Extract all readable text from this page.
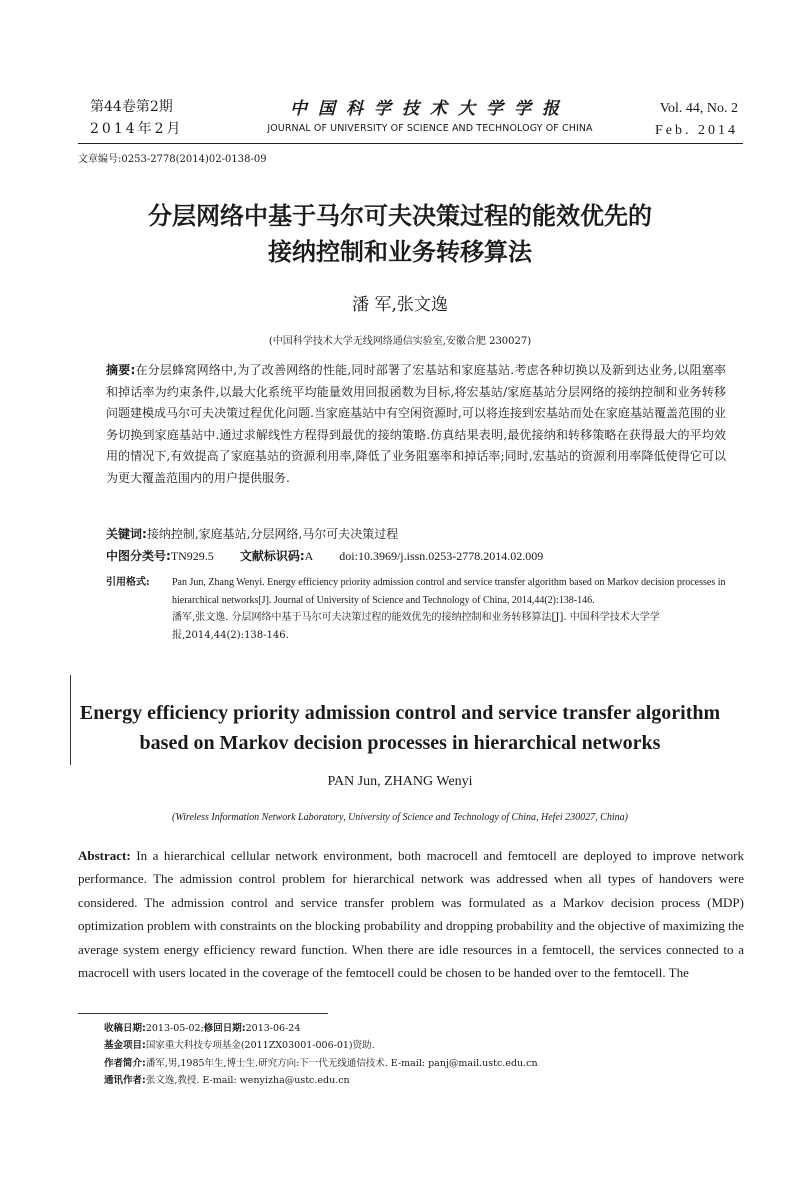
第44卷第2期
2014年2月
中国科学技术大学学报
JOURNAL OF UNIVERSITY OF SCIENCE AND TECHNOLOGY OF CHINA
Vol. 44, No. 2
Feb. 2014
文章编号:0253-2778(2014)02-0138-09
分层网络中基于马尔可夫决策过程的能效优先的
接纳控制和业务转移算法
潘 军,张文逸
(中国科学技术大学无线网络通信实验室,安徽合肥 230027)
摘要:在分层蜂窝网络中,为了改善网络的性能,同时部署了宏基站和家庭基站.考虑各种切换以及新到达业务,以阻塞率和掉话率为约束条件,以最大化系统平均能量效用回报函数为目标,将宏基站/家庭基站分层网络的接纳控制和业务转移问题建模成马尔可夫决策过程优化问题.当家庭基站中有空闲资源时,可以将连接到宏基站而处在家庭基站覆盖范围的业务切换到家庭基站中.通过求解线性方程得到最优的接纳策略.仿真结果表明,最优接纳和转移策略在获得最大的平均效用的情况下,有效提高了家庭基站的资源利用率,降低了业务阻塞率和掉话率;同时,宏基站的资源利用率降低使得它可以为更大覆盖范围内的用户提供服务.
关键词:接纳控制,家庭基站,分层网络,马尔可夫决策过程
中图分类号:TN929.5 文献标识码:A doi:10.3969/j.issn.0253-2778.2014.02.009
引用格式: Pan Jun, Zhang Wenyi. Energy efficiency priority admission control and service transfer algorithm based on Markov decision processes in hierarchical networks[J]. Journal of University of Science and Technology of China, 2014,44(2):138-146.
潘军,张文逸. 分层网络中基于马尔可夫决策过程的能效优先的接纳控制和业务转移算法[J]. 中国科学技术大学学报,2014,44(2):138-146.
Energy efficiency priority admission control and service transfer algorithm
based on Markov decision processes in hierarchical networks
PAN Jun, ZHANG Wenyi
(Wireless Information Network Laboratory, University of Science and Technology of China, Hefei 230027, China)
Abstract: In a hierarchical cellular network environment, both macrocell and femtocell are deployed to improve network performance. The admission control problem for hierarchical network was addressed when all types of handovers were considered. The admission control and service transfer problem was formulated as a Markov decision process (MDP) optimization problem with constraints on the blocking probability and dropping probability and the objective of maximizing the average system energy efficiency reward function. When there are idle resources in a femtocell, the services connected to a macrocell with users located in the coverage of the femtocell could be chosen to be handed over to the femtocell. The
收稿日期:2013-05-02;修回日期:2013-06-24
基金项目:国家重大科技专项基金(2011ZX03001-006-01)资助.
作者简介:潘军,男,1985年生,博士生.研究方向:下一代无线通信技术. E-mail: panj@mail.ustc.edu.cn
通讯作者:张文逸,教授. E-mail: wenyizha@ustc.edu.cn
